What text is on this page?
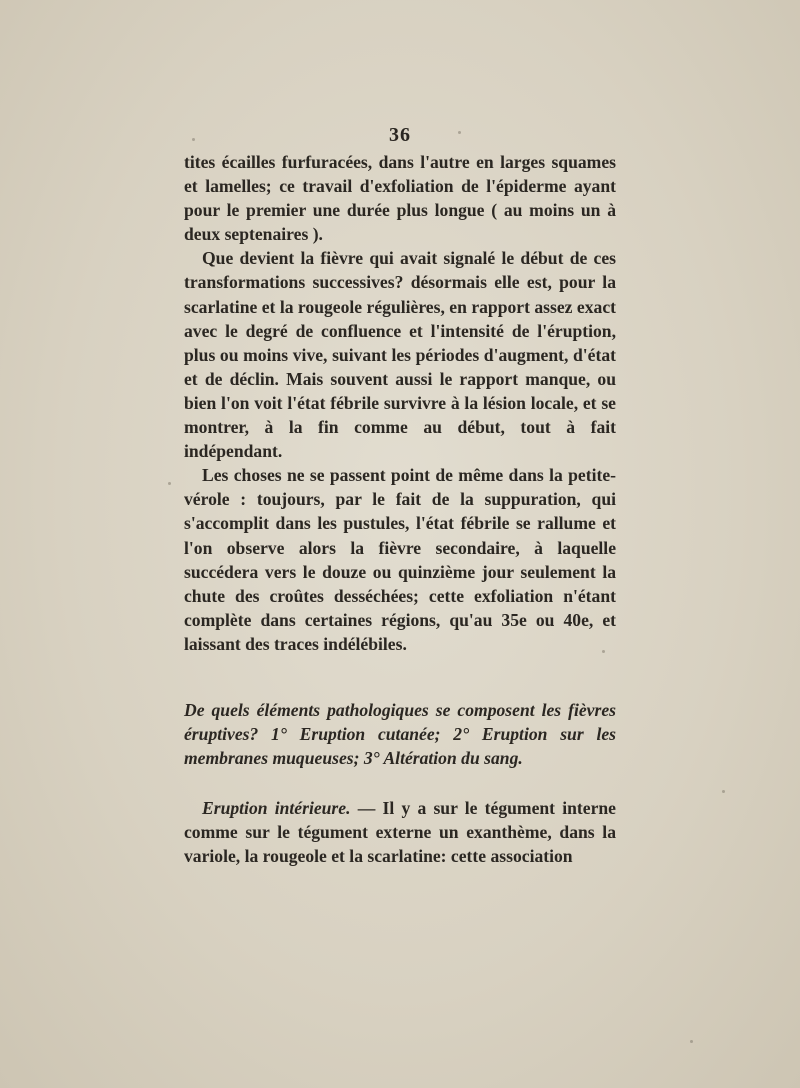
36

tites écailles furfuracées, dans l'autre en larges squames et lamelles; ce travail d'exfoliation de l'épiderme ayant pour le premier une durée plus longue ( au moins un à deux septenaires ).

Que devient la fièvre qui avait signalé le début de ces transformations successives? désormais elle est, pour la scarlatine et la rougeole régulières, en rapport assez exact avec le degré de confluence et l'intensité de l'éruption, plus ou moins vive, suivant les périodes d'augment, d'état et de déclin. Mais souvent aussi le rapport manque, ou bien l'on voit l'état fébrile survivre à la lésion locale, et se montrer, à la fin comme au début, tout à fait indépendant.

Les choses ne se passent point de même dans la petite-vérole : toujours, par le fait de la suppuration, qui s'accomplit dans les pustules, l'état fébrile se rallume et l'on observe alors la fièvre secondaire, à laquelle succédera vers le douze ou quinzième jour seulement la chute des croûtes desséchées; cette exfoliation n'étant complète dans certaines régions, qu'au 35e ou 40e, et laissant des traces indélébiles.

De quels éléments pathologiques se composent les fièvres éruptives? 1° Eruption cutanée; 2° Eruption sur les membranes muqueuses; 3° Altération du sang.

Eruption intérieure. — Il y a sur le tégument interne comme sur le tégument externe un exanthème, dans la variole, la rougeole et la scarlatine: cette association
